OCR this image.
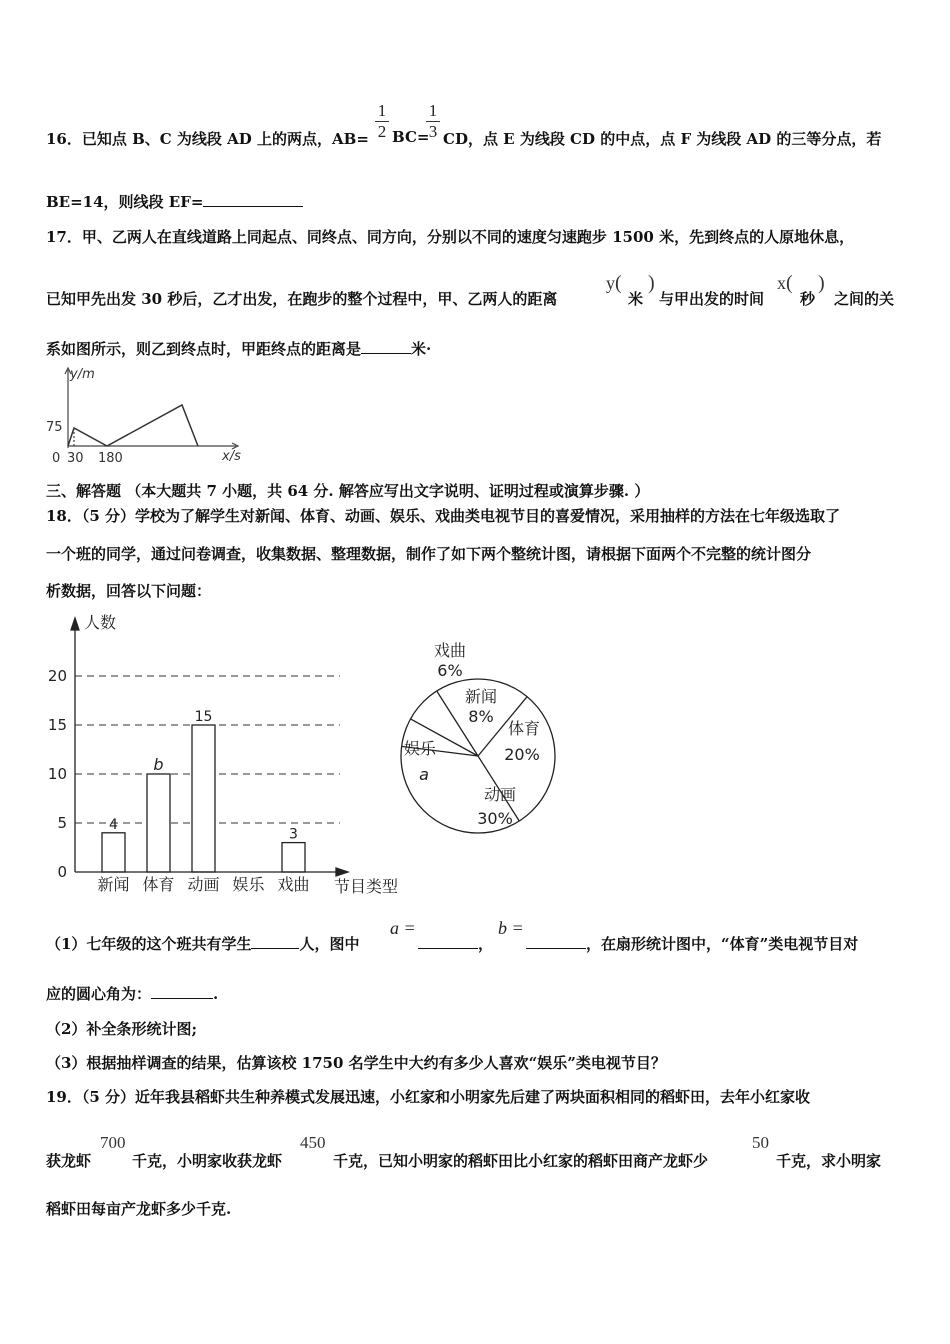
16．已知点 B、C 为线段 AD 上的两点，AB=
1
2 BC=
1
3 CD，点 E 为线段 CD 的中点，点 F 为线段 AD 的三等分点，若
BE=14，则线段 EF=
17．甲、乙两人在直线道路上同起点、同终点、同方向，分别以不同的速度匀速跑步 1500 米，先到终点的人原地休息，
已知甲先出发 30 秒后，乙才出发，在跑步的整个过程中，甲、乙两人的距离
y(
米
)
与甲出发的时间
x(
秒
)
之间的关
系如图所示，则乙到终点时，甲距终点的距离是	米·
y/m
x/s
75
0 30 180
三、解答题 （本大题共 7 小题，共 64 分. 解答应写出文字说明、证明过程或演算步骤. ）
18．（5 分）学校为了解学生对新闻、体育、动画、娱乐、戏曲类电视节目的喜爱情况，采用抽样的方法在七年级选取了
一个班的同学，通过问卷调查，收集数据、整理数据，制作了如下两个整统计图，请根据下面两个不完整的统计图分
析数据，回答以下问题：
人数
节目类型
0
5
10
15
20
4
新闻
b
体育
15
动画 娱乐
3
戏曲
戏曲
6%
新闻
8%
体育
20%
动画
30%
娱乐
a
（1）七年级的这个班共有学生	人，图中
a =
，
b =
，在扇形统计图中，“体育”类电视节目对
应的圆心角为：	.
（2）补全条形统计图;
（3）根据抽样调查的结果，估算该校 1750 名学生中大约有多少人喜欢“娱乐”类电视节目？
19．（5 分）近年我县稻虾共生种养模式发展迅速，小红家和小明家先后建了两块面积相同的稻虾田，去年小红家收
获龙虾
700
千克，小明家收获龙虾
450
千克，已知小明家的稻虾田比小红家的稻虾田商产龙虾少
50
千克，求小明家
稻虾田每亩产龙虾多少千克.
